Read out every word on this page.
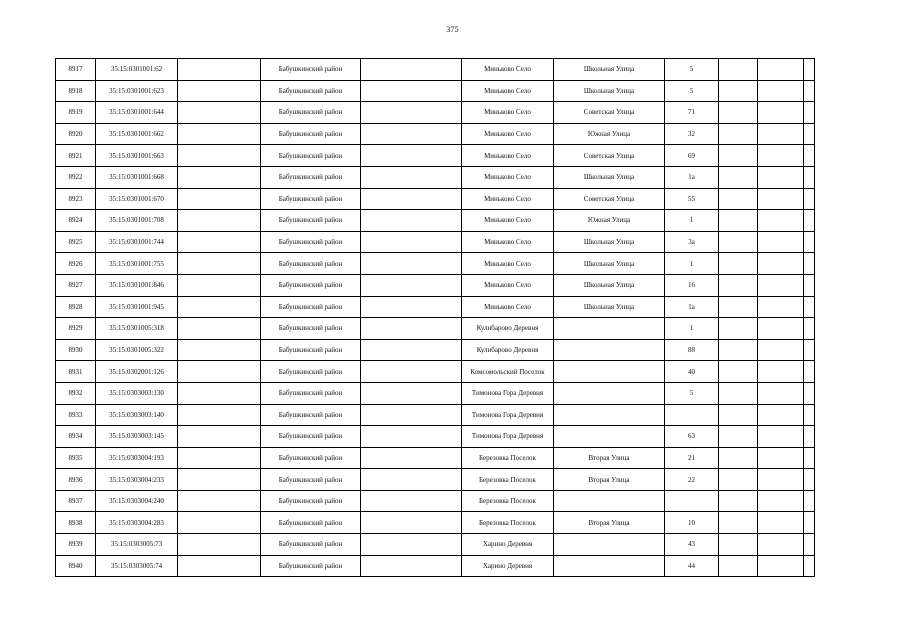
375
8917	35:15:0301001:62		Бабушкинский район		Миньково Село	Школьная Улица	5			
8918	35:15:0301001:623		Бабушкинский район		Миньково Село	Школьная Улица	5			
8919	35:15:0301001:644		Бабушкинский район		Миньково Село	Советская Улица	71			
8920	35:15:0301001:662		Бабушкинский район		Миньково Село	Южная Улица	32			
8921	35:15:0301001:663		Бабушкинский район		Миньково Село	Советская Улица	69			
8922	35:15:0301001:668		Бабушкинский район		Миньково Село	Школьная Улица	1а			
8923	35:15:0301001:670		Бабушкинский район		Миньково Село	Советская Улица	55			
8924	35:15:0301001:708		Бабушкинский район		Миньково Село	Южная Улица	1			
8925	35:15:0301001:744		Бабушкинский район		Миньково Село	Школьная Улица	3а			
8926	35:15:0301001:755		Бабушкинский район		Миньково Село	Школьная Улица	1			
8927	35:15:0301001:846		Бабушкинский район		Миньково Село	Школьная Улица	16			
8928	35:15:0301001:945		Бабушкинский район		Миньково Село	Школьная Улица	1а			
8929	35:15:0301005:318		Бабушкинский район		Кулибарово Деревня		1			
8930	35:15:0301005:322		Бабушкинский район		Кулибарово Деревня		88			
8931	35:15:0302001:126		Бабушкинский район		Комсомольский Поселок		40			
8932	35:15:0303003:130		Бабушкинский район		Тимонова Гора Деревня		5			
8933	35:15:0303003:140		Бабушкинский район		Тимонова Гора Деревня					
8934	35:15:0303003:145		Бабушкинский район		Тимонова Гора Деревня		63			
8935	35:15:0303004:193		Бабушкинский район		Березовка Поселок	Вторая Улица	21			
8936	35:15:0303004:233		Бабушкинский район		Березовка Поселок	Вторая Улица	22			
8937	35:15:0303004:240		Бабушкинский район		Березовка Поселок					
8938	35:15:0303004:283		Бабушкинский район		Березовка Поселок	Вторая Улица	10			
8939	35:15:0303005:73		Бабушкинский район		Харино Деревня		43			
8940	35:15:0303005:74		Бабушкинский район		Харино Деревня		44			
